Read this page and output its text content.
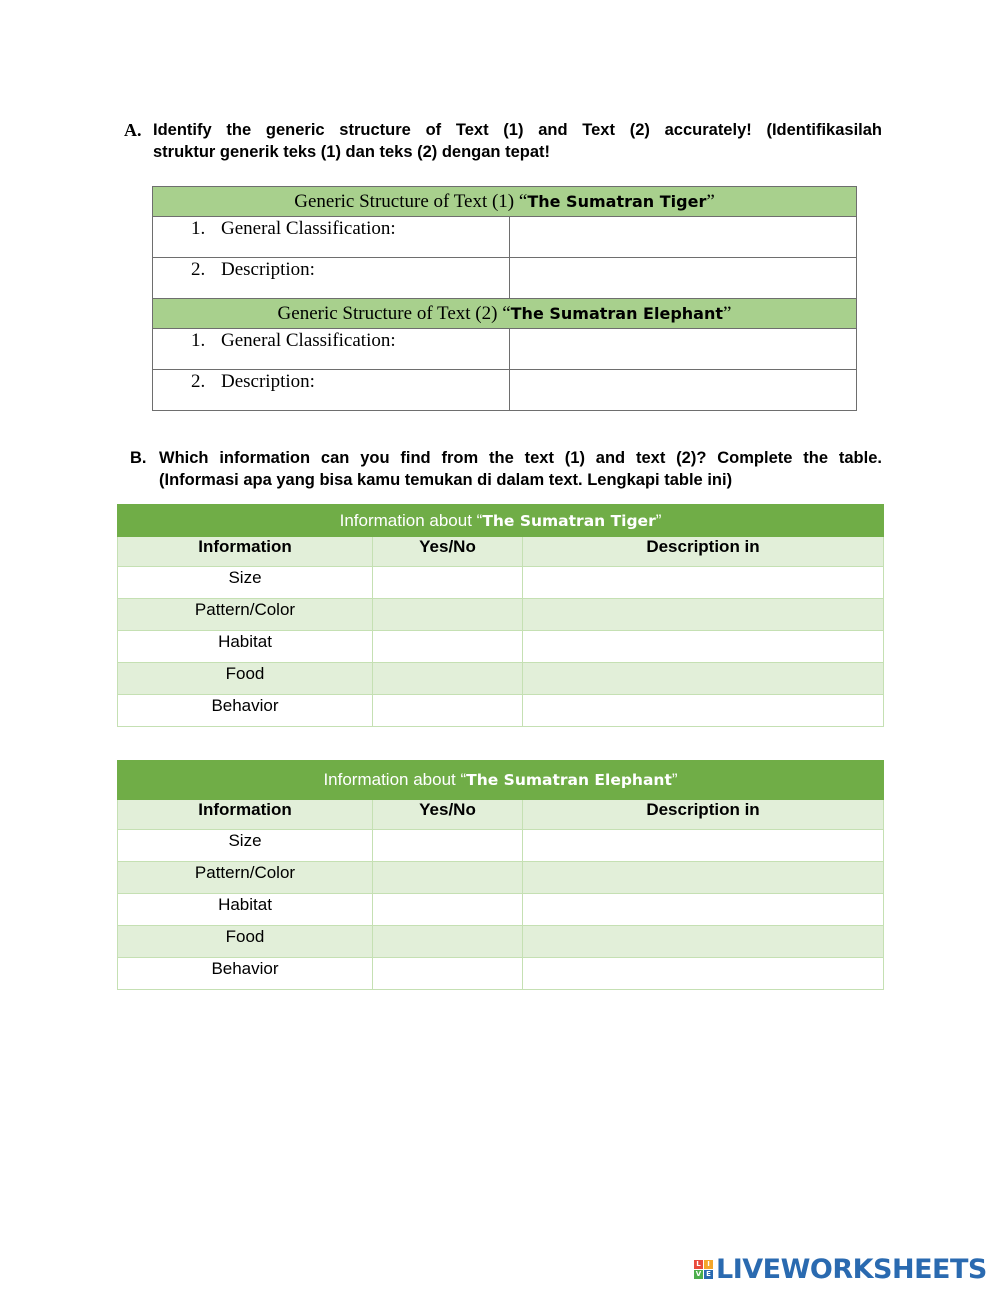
A. Identify the generic structure of Text (1) and Text (2) accurately! (Identifikasilah
struktur generik teks (1) dan teks (2) dengan tepat!
Generic Structure of Text (1) “The Sumatran Tiger”	
1. General Classification:	
2. Description:	
Generic Structure of Text (2) “The Sumatran Elephant”	
1. General Classification:	
2. Description:	
B. Which information can you find from the text (1) and text (2)? Complete the table.
(Informasi apa yang bisa kamu temukan di dalam text. Lengkapi table ini)
Information about “The Sumatran Tiger”		
Information	Yes/No	Description in
Size		
Pattern/Color		
Habitat		
Food		
Behavior		
Information about “The Sumatran Elephant”		
Information	Yes/No	Description in
Size		
Pattern/Color		
Habitat		
Food		
Behavior		
L I
V E LIVEWORKSHEETS
